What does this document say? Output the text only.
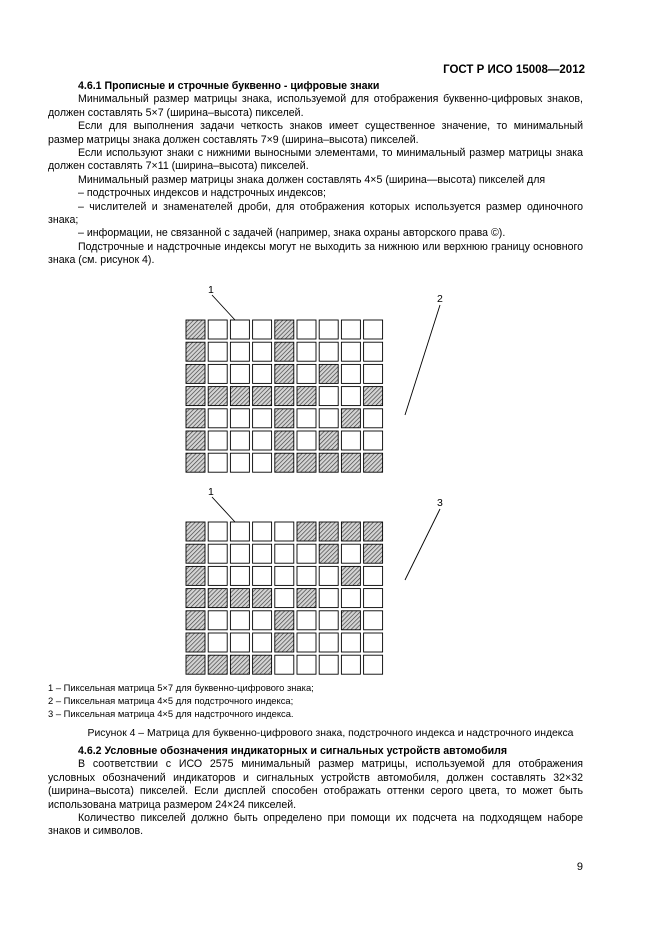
ГОСТ Р ИСО 15008—2012
4.6.1 Прописные и строчные буквенно - цифровые знаки

Минимальный размер матрицы знака, используемой для отображения буквенно-цифровых знаков, должен составлять 5×7 (ширина–высота) пикселей.

Если для выполнения задачи четкость знаков имеет существенное значение, то минимальный размер матрицы знака должен составлять 7×9 (ширина–высота) пикселей.

Если используют знаки с нижними выносными элементами, то минимальный размер матрицы знака должен составлять 7×11 (ширина–высота) пикселей.

Минимальный размер матрицы знака должен составлять 4×5 (ширина—высота) пикселей для

– подстрочных индексов и надстрочных индексов;

– числителей и знаменателей дроби, для отображения которых используется размер одиночного знака;

– информации, не связанной с задачей (например, знака охраны авторского права ©).

Подстрочные и надстрочные индексы могут не выходить за нижнюю или верхнюю границу основного знака (см. рисунок 4).

1
2
1
3
1 – Пиксельная матрица 5×7 для буквенно-цифрового знака;
2 – Пиксельная матрица 4×5 для подстрочного индекса;
3 – Пиксельная матрица 4×5 для надстрочного индекса.
Рисунок 4 – Матрица для буквенно-цифрового знака, подстрочного индекса и надстрочного индекса
4.6.2 Условные обозначения индикаторных и сигнальных устройств автомобиля

В соответствии с ИСО 2575 минимальный размер матрицы, используемой для отображения условных обозначений индикаторов и сигнальных устройств автомобиля, должен составлять 32×32 (ширина–высота) пикселей. Если дисплей способен отображать оттенки серого цвета, то может быть использована матрица размером 24×24 пикселей.

Количество пикселей должно быть определено при помощи их подсчета на подходящем наборе знаков и символов.

9
